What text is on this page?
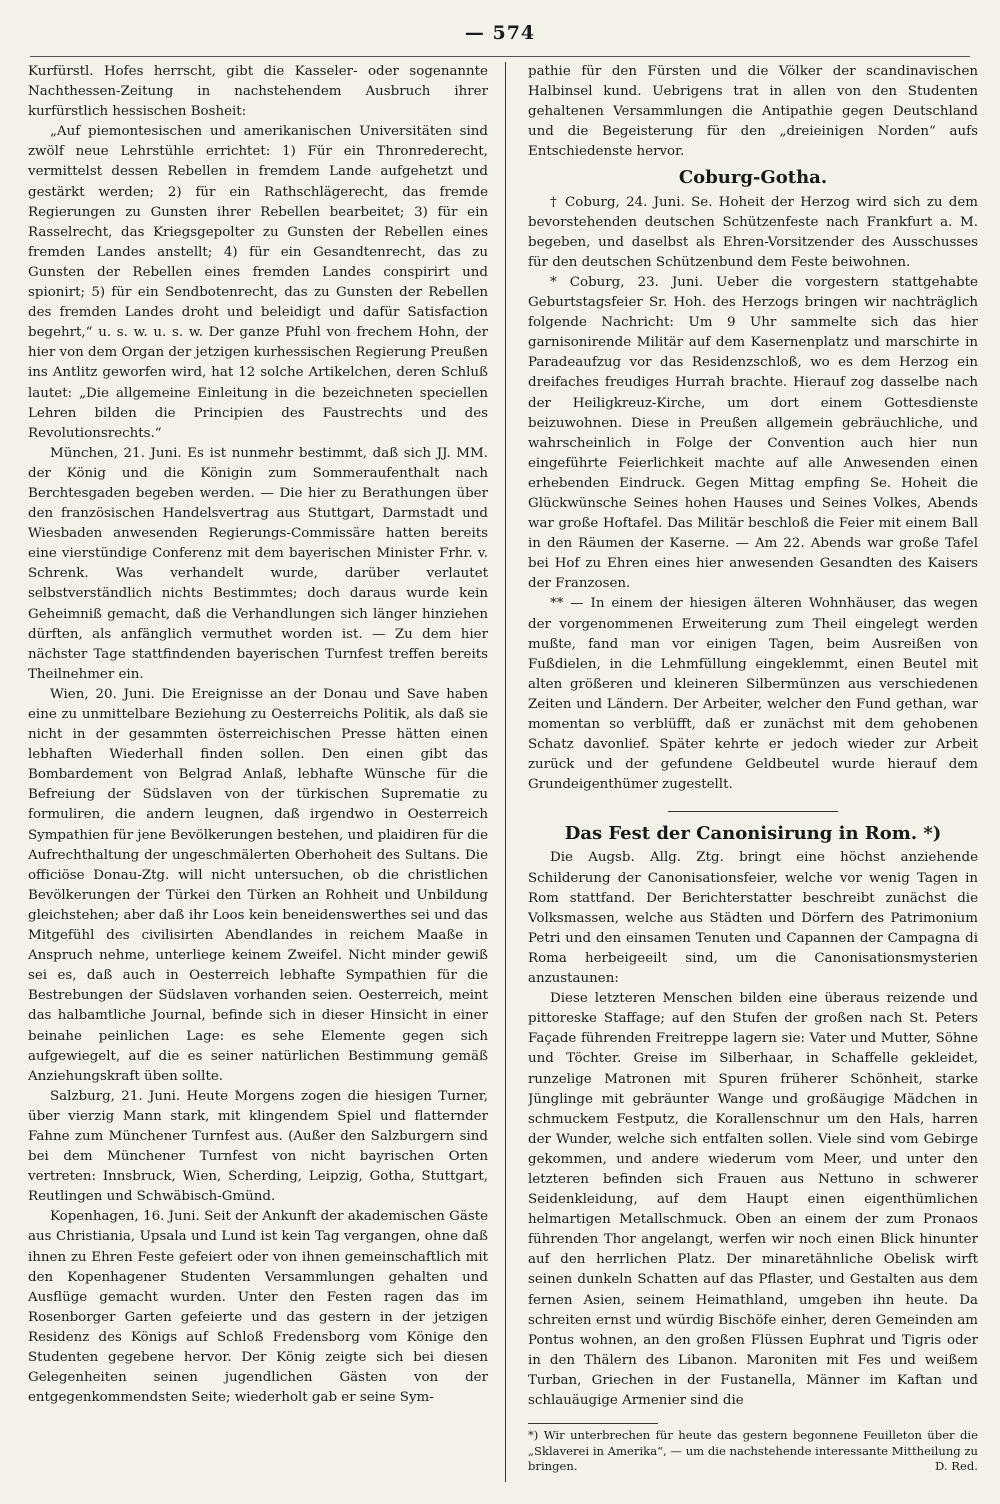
— 574

Kurfürstl. Hofes herrscht, gibt die Kasseler- oder sogenannte Nachthessen-Zeitung in nachstehendem Ausbruch ihrer kurfürstlich hessischen Bosheit:

„Auf piemontesischen und amerikanischen Universitäten sind zwölf neue Lehrstühle errichtet: 1) Für ein Thronrederecht, vermittelst dessen Rebellen in fremdem Lande aufgehetzt und gestärkt werden; 2) für ein Rathschlägerecht, das fremde Regierungen zu Gunsten ihrer Rebellen bearbeitet; 3) für ein Rasselrecht, das Kriegsgepolter zu Gunsten der Rebellen eines fremden Landes anstellt; 4) für ein Gesandtenrecht, das zu Gunsten der Rebellen eines fremden Landes conspirirt und spionirt; 5) für ein Sendbotenrecht, das zu Gunsten der Rebellen des fremden Landes droht und beleidigt und dafür Satisfaction begehrt,“ u. s. w. u. s. w. Der ganze Pfuhl von frechem Hohn, der hier von dem Organ der jetzigen kurhessischen Regierung Preußen ins Antlitz geworfen wird, hat 12 solche Artikelchen, deren Schluß lautet: „Die allgemeine Einleitung in die bezeichneten speciellen Lehren bilden die Principien des Faustrechts und des Revolutionsrechts.“

München, 21. Juni. Es ist nunmehr bestimmt, daß sich JJ. MM. der König und die Königin zum Sommeraufenthalt nach Berchtesgaden begeben werden. — Die hier zu Berathungen über den französischen Handelsvertrag aus Stuttgart, Darmstadt und Wiesbaden anwesenden Regierungs-Commissäre hatten bereits eine vierstündige Conferenz mit dem bayerischen Minister Frhr. v. Schrenk. Was verhandelt wurde, darüber verlautet selbstverständlich nichts Bestimmtes; doch daraus wurde kein Geheimniß gemacht, daß die Verhandlungen sich länger hinziehen dürften, als anfänglich vermuthet worden ist. — Zu dem hier nächster Tage stattfindenden bayerischen Turnfest treffen bereits Theilnehmer ein.

Wien, 20. Juni. Die Ereignisse an der Donau und Save haben eine zu unmittelbare Beziehung zu Oesterreichs Politik, als daß sie nicht in der gesammten österreichischen Presse hätten einen lebhaften Wiederhall finden sollen. Den einen gibt das Bombardement von Belgrad Anlaß, lebhafte Wünsche für die Befreiung der Südslaven von der türkischen Suprematie zu formuliren, die andern leugnen, daß irgendwo in Oesterreich Sympathien für jene Bevölkerungen bestehen, und plaidiren für die Aufrechthaltung der ungeschmälerten Oberhoheit des Sultans. Die officiöse Donau-Ztg. will nicht untersuchen, ob die christlichen Bevölkerungen der Türkei den Türken an Rohheit und Unbildung gleichstehen; aber daß ihr Loos kein beneidenswerthes sei und das Mitgefühl des civilisirten Abendlandes in reichem Maaße in Anspruch nehme, unterliege keinem Zweifel. Nicht minder gewiß sei es, daß auch in Oesterreich lebhafte Sympathien für die Bestrebungen der Südslaven vorhanden seien. Oesterreich, meint das halbamtliche Journal, befinde sich in dieser Hinsicht in einer beinahe peinlichen Lage: es sehe Elemente gegen sich aufgewiegelt, auf die es seiner natürlichen Bestimmung gemäß Anziehungskraft üben sollte.

Salzburg, 21. Juni. Heute Morgens zogen die hiesigen Turner, über vierzig Mann stark, mit klingendem Spiel und flatternder Fahne zum Münchener Turnfest aus. (Außer den Salzburgern sind bei dem Münchener Turnfest von nicht bayrischen Orten vertreten: Innsbruck, Wien, Scherding, Leipzig, Gotha, Stuttgart, Reutlingen und Schwäbisch-Gmünd.

Kopenhagen, 16. Juni. Seit der Ankunft der akademischen Gäste aus Christiania, Upsala und Lund ist kein Tag vergangen, ohne daß ihnen zu Ehren Feste gefeiert oder von ihnen gemeinschaftlich mit den Kopenhagener Studenten Versammlungen gehalten und Ausflüge gemacht wurden. Unter den Festen ragen das im Rosenborger Garten gefeierte und das gestern in der jetzigen Residenz des Königs auf Schloß Fredensborg vom Könige den Studenten gegebene hervor. Der König zeigte sich bei diesen Gelegenheiten seinen jugendlichen Gästen von der entgegenkommendsten Seite; wiederholt gab er seine Sym-

pathie für den Fürsten und die Völker der scandinavischen Halbinsel kund. Uebrigens trat in allen von den Studenten gehaltenen Versammlungen die Antipathie gegen Deutschland und die Begeisterung für den „dreieinigen Norden“ aufs Entschiedenste hervor.

Coburg-Gotha.

† Coburg, 24. Juni. Se. Hoheit der Herzog wird sich zu dem bevorstehenden deutschen Schützenfeste nach Frankfurt a. M. begeben, und daselbst als Ehren-Vorsitzender des Ausschusses für den deutschen Schützenbund dem Feste beiwohnen.

* Coburg, 23. Juni. Ueber die vorgestern stattgehabte Geburtstagsfeier Sr. Hoh. des Herzogs bringen wir nachträglich folgende Nachricht: Um 9 Uhr sammelte sich das hier garnisonirende Militär auf dem Kasernenplatz und marschirte in Paradeaufzug vor das Residenzschloß, wo es dem Herzog ein dreifaches freudiges Hurrah brachte. Hierauf zog dasselbe nach der Heiligkreuz-Kirche, um dort einem Gottesdienste beizuwohnen. Diese in Preußen allgemein gebräuchliche, und wahrscheinlich in Folge der Convention auch hier nun eingeführte Feierlichkeit machte auf alle Anwesenden einen erhebenden Eindruck. Gegen Mittag empfing Se. Hoheit die Glückwünsche Seines hohen Hauses und Seines Volkes, Abends war große Hoftafel. Das Militär beschloß die Feier mit einem Ball in den Räumen der Kaserne. — Am 22. Abends war große Tafel bei Hof zu Ehren eines hier anwesenden Gesandten des Kaisers der Franzosen.

** — In einem der hiesigen älteren Wohnhäuser, das wegen der vorgenommenen Erweiterung zum Theil eingelegt werden mußte, fand man vor einigen Tagen, beim Ausreißen von Fußdielen, in die Lehmfüllung eingeklemmt, einen Beutel mit alten größeren und kleineren Silbermünzen aus verschiedenen Zeiten und Ländern. Der Arbeiter, welcher den Fund gethan, war momentan so verblüfft, daß er zunächst mit dem gehobenen Schatz davonlief. Später kehrte er jedoch wieder zur Arbeit zurück und der gefundene Geldbeutel wurde hierauf dem Grundeigenthümer zugestellt.

Das Fest der Canonisirung in Rom. *)

Die Augsb. Allg. Ztg. bringt eine höchst anziehende Schilderung der Canonisationsfeier, welche vor wenig Tagen in Rom stattfand. Der Berichterstatter beschreibt zunächst die Volksmassen, welche aus Städten und Dörfern des Patrimonium Petri und den einsamen Tenuten und Capannen der Campagna di Roma herbeigeeilt sind, um die Canonisationsmysterien anzustaunen:

Diese letzteren Menschen bilden eine überaus reizende und pittoreske Staffage; auf den Stufen der großen nach St. Peters Façade führenden Freitreppe lagern sie: Vater und Mutter, Söhne und Töchter. Greise im Silberhaar, in Schaffelle gekleidet, runzelige Matronen mit Spuren früherer Schönheit, starke Jünglinge mit gebräunter Wange und großäugige Mädchen in schmuckem Festputz, die Korallenschnur um den Hals, harren der Wunder, welche sich entfalten sollen. Viele sind vom Gebirge gekommen, und andere wiederum vom Meer, und unter den letzteren befinden sich Frauen aus Nettuno in schwerer Seidenkleidung, auf dem Haupt einen eigenthümlichen helmartigen Metallschmuck. Oben an einem der zum Pronaos führenden Thor angelangt, werfen wir noch einen Blick hinunter auf den herrlichen Platz. Der minaretähnliche Obelisk wirft seinen dunkeln Schatten auf das Pflaster, und Gestalten aus dem fernen Asien, seinem Heimathland, umgeben ihn heute. Da schreiten ernst und würdig Bischöfe einher, deren Gemeinden am Pontus wohnen, an den großen Flüssen Euphrat und Tigris oder in den Thälern des Libanon. Maroniten mit Fes und weißem Turban, Griechen in der Fustanella, Männer im Kaftan und schlauäugige Armenier sind die

*) Wir unterbrechen für heute das gestern begonnene Feuilleton über die „Sklaverei in Amerika“, — um die nachstehende interessante Mittheilung zu bringen.	D. Red.
